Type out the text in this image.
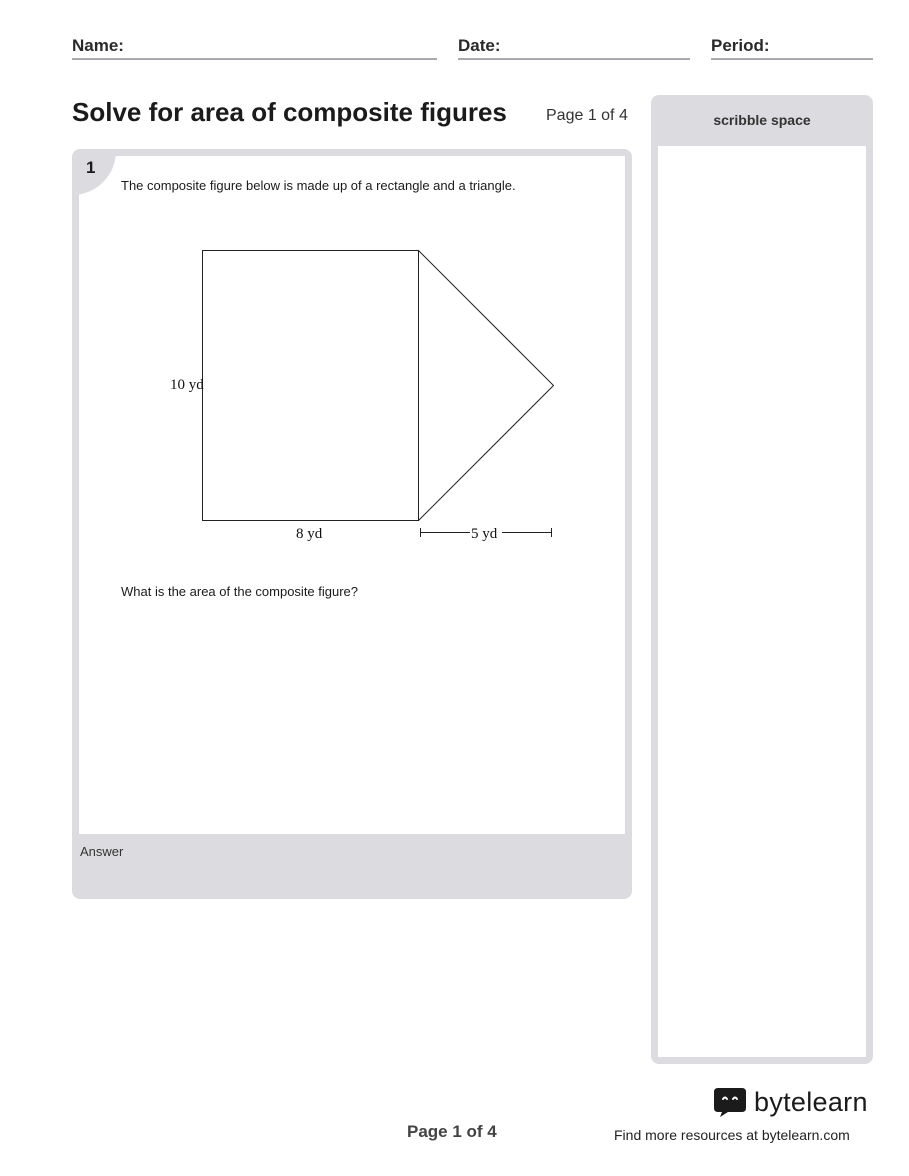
Name:	Date:	Period:
Solve for area of composite figures Page 1 of 4
1
The composite figure below is made up of a rectangle and a triangle.
10 yd
8 yd	5 yd
What is the area of the composite figure?
Answer
scribble space
Page 1 of 4
bytelearn
Find more resources at bytelearn.com
